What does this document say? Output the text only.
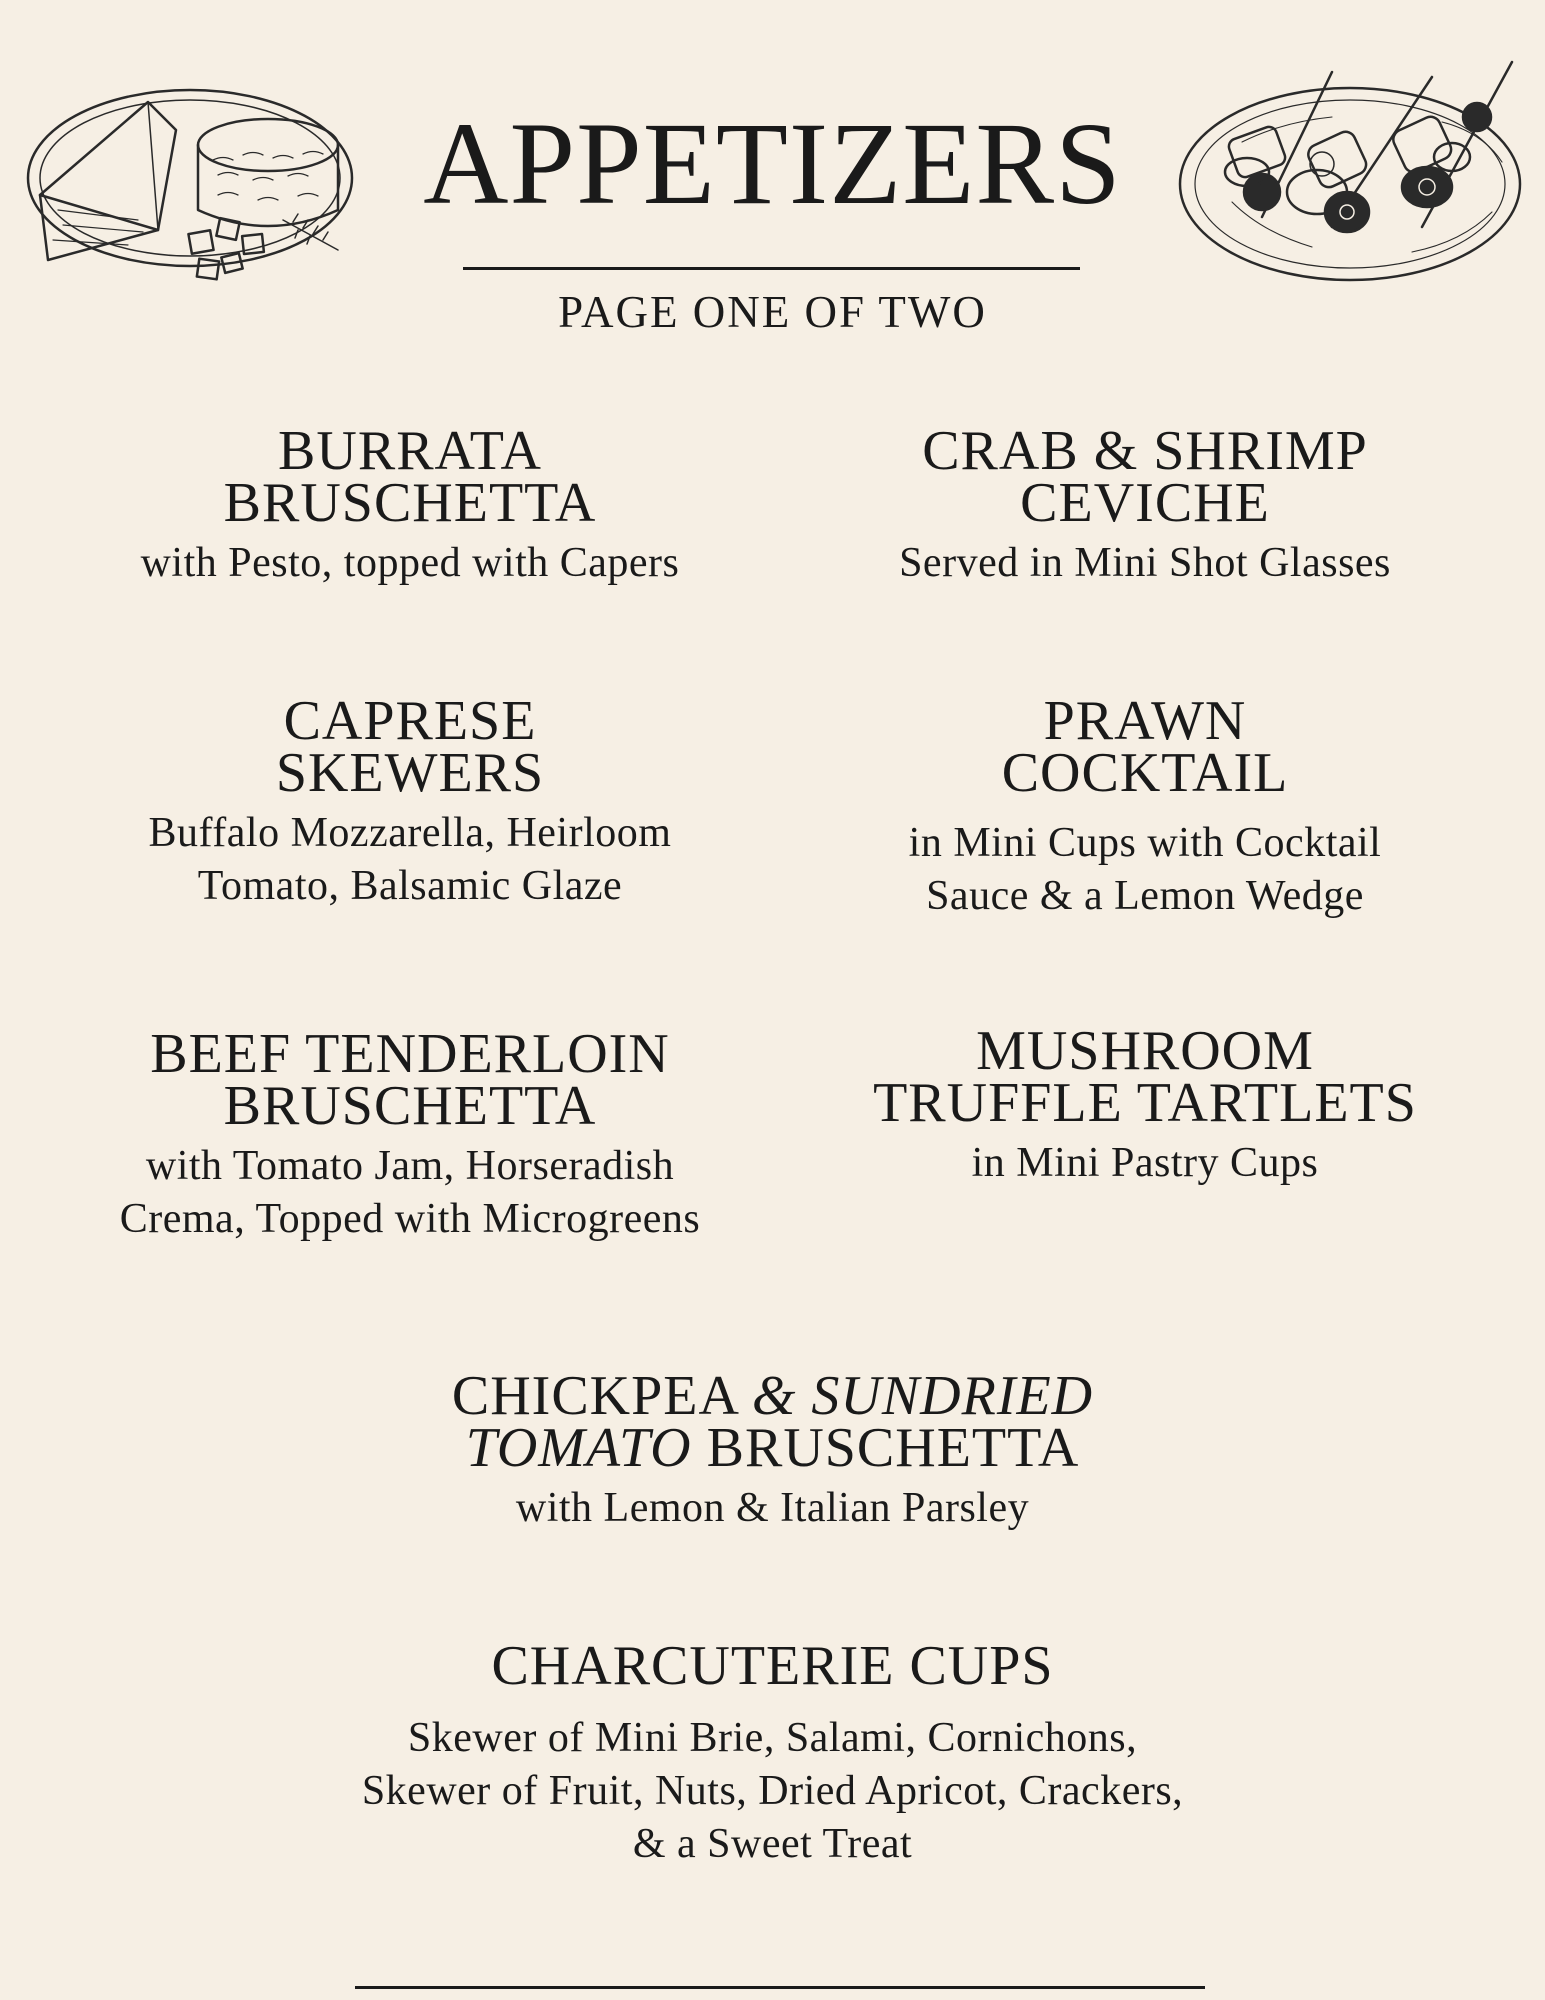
APPETIZERS
PAGE ONE OF TWO
BURRATA
BRUSCHETTA
with Pesto, topped with Capers
CRAB & SHRIMP
CEVICHE
Served in Mini Shot Glasses
CAPRESE
SKEWERS
Buffalo Mozzarella, Heirloom
Tomato, Balsamic Glaze
PRAWN
COCKTAIL
in Mini Cups with Cocktail
Sauce & a Lemon Wedge
BEEF TENDERLOIN
BRUSCHETTA
with Tomato Jam, Horseradish
Crema, Topped with Microgreens
MUSHROOM
TRUFFLE TARTLETS
in Mini Pastry Cups
CHICKPEA & SUNDRIED
TOMATO BRUSCHETTA
with Lemon & Italian Parsley
CHARCUTERIE CUPS
Skewer of Mini Brie, Salami, Cornichons,
Skewer of Fruit, Nuts, Dried Apricot, Crackers,
& a Sweet Treat
